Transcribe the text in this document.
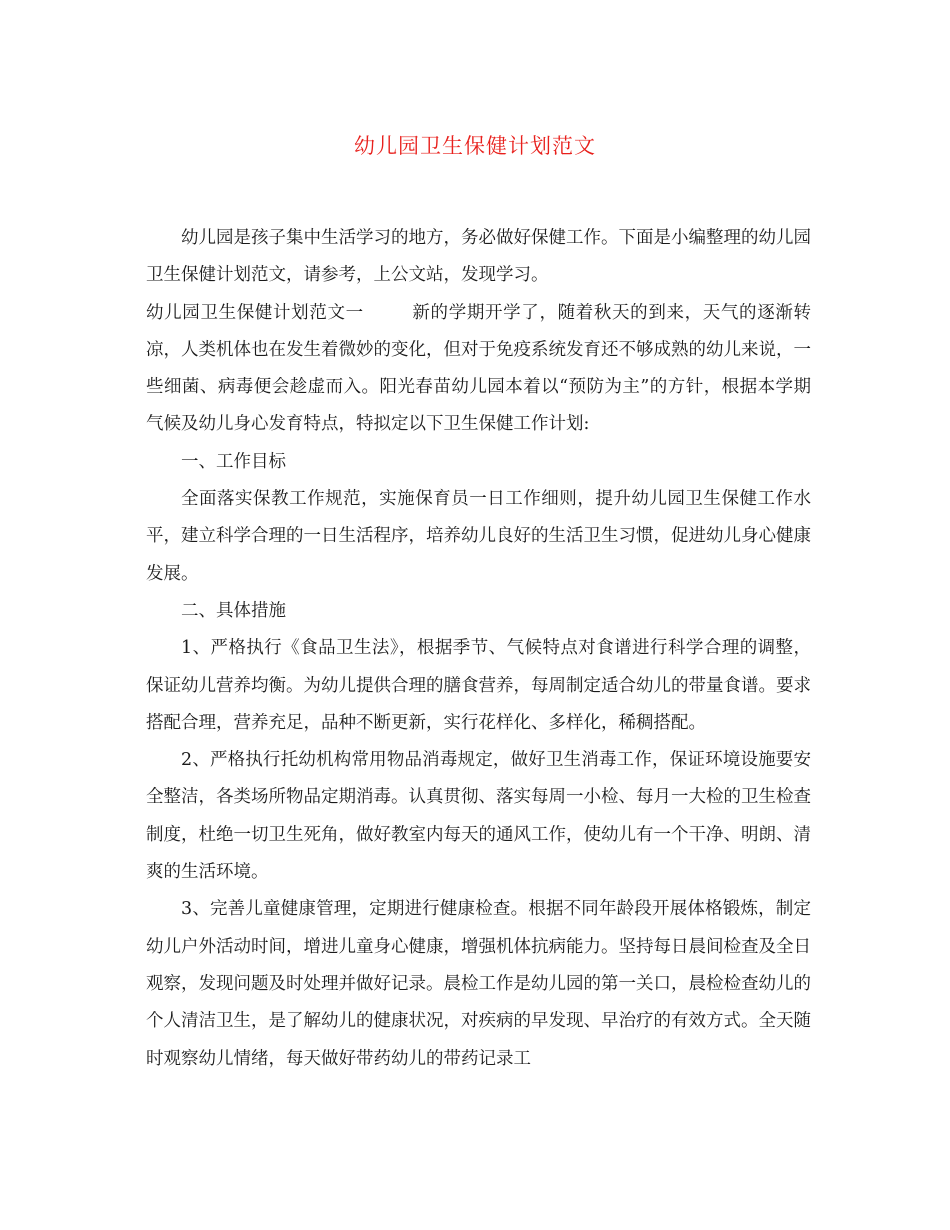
幼儿园卫生保健计划范文

幼儿园是孩子集中生活学习的地方，务必做好保健工作。下面是小编整理的幼儿园卫生保健计划范文，请参考，上公文站，发现学习。

幼儿园卫生保健计划范文一	新的学期开学了，随着秋天的到来，天气的逐渐转凉，人类机体也在发生着微妙的变化，但对于免疫系统发育还不够成熟的幼儿来说，一些细菌、病毒便会趁虚而入。阳光春苗幼儿园本着以“预防为主”的方针，根据本学期气候及幼儿身心发育特点，特拟定以下卫生保健工作计划:

一、工作目标

全面落实保教工作规范，实施保育员一日工作细则，提升幼儿园卫生保健工作水平，建立科学合理的一日生活程序，培养幼儿良好的生活卫生习惯，促进幼儿身心健康发展。

二、具体措施

1、严格执行《食品卫生法》，根据季节、气候特点对食谱进行科学合理的调整，保证幼儿营养均衡。为幼儿提供合理的膳食营养，每周制定适合幼儿的带量食谱。要求搭配合理，营养充足，品种不断更新，实行花样化、多样化，稀稠搭配。

2、严格执行托幼机构常用物品消毒规定，做好卫生消毒工作，保证环境设施要安全整洁，各类场所物品定期消毒。认真贯彻、落实每周一小检、每月一大检的卫生检查制度，杜绝一切卫生死角，做好教室内每天的通风工作，使幼儿有一个干净、明朗、清爽的生活环境。

3、完善儿童健康管理，定期进行健康检查。根据不同年龄段开展体格锻炼，制定幼儿户外活动时间，增进儿童身心健康，增强机体抗病能力。坚持每日晨间检查及全日观察，发现问题及时处理并做好记录。晨检工作是幼儿园的第一关口，晨检检查幼儿的个人清洁卫生，是了解幼儿的健康状况，对疾病的早发现、早治疗的有效方式。全天随时观察幼儿情绪，每天做好带药幼儿的带药记录工
